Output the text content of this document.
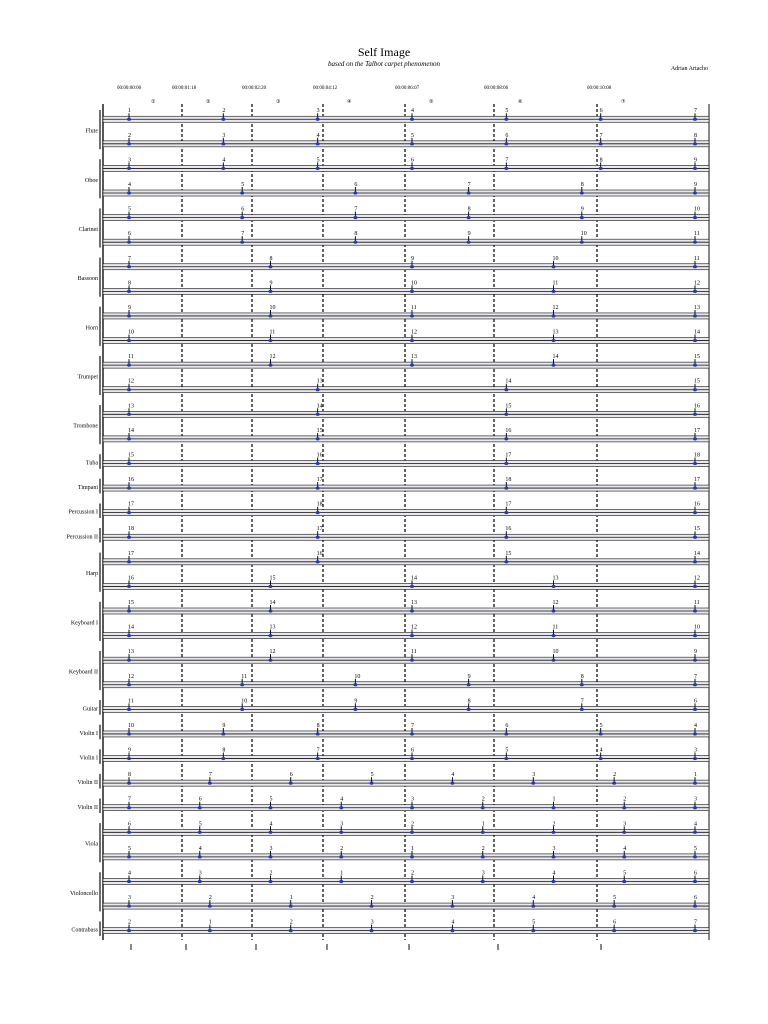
Self Image
based on the Talbot carpet phenomenon
Adrian Artacho
00:00:00:00
①
00:00:01:18
②
00:00:02:20
③
00:00:04:12
④
00:00:06:07
⑤
00:00:08:06
⑥
00:00:10:08
⑦
Flute
1	2	3	4	5	6	7
2	3	4	5	6	7	8
Oboe
3	4	5	6	7	8	9
4	5	6	7	8	9
Clarinet
5	6	7	8	9	10
6	7	8	9	10	11
Bassoon
7	8	9	10	11
8	9	10	11	12
Horn
9	10	11	12	13
10	11	12	13	14
Trumpet
11	12	13	14	15
12	13	14	15
Trombone
13	14	15	16
14	15	16	17
Tuba
15	16	17	18
Timpani
16	17	18	17
Percussion I
17	18	17	16
Percussion II
18	17	16	15
Harp
17	16	15	14
16	15	14	13	12
Keyboard I
15	14	13	12	11
14	13	12	11	10
Keyboard II
13	12	11	10	9
12	11	10	9	8	7
Guitar
11	10	9	8	7	6
Violin I
10	9	8	7	6	5	4
Violin I
9	8	7	6	5	4	3
Violin II
8	7	6	5	4	3	2	1
Violin II
7	6	5	4	3	2	1	2	3
Viola
6	5	4	3	2	1	2	3	4
5	4	3	2	1	2	3	4	5
Violoncello
4	3	2	1	2	3	4	5	6
3	2	1	2	3	4	5	6
Contrabass
2	1	2	3	4	5	6	7
